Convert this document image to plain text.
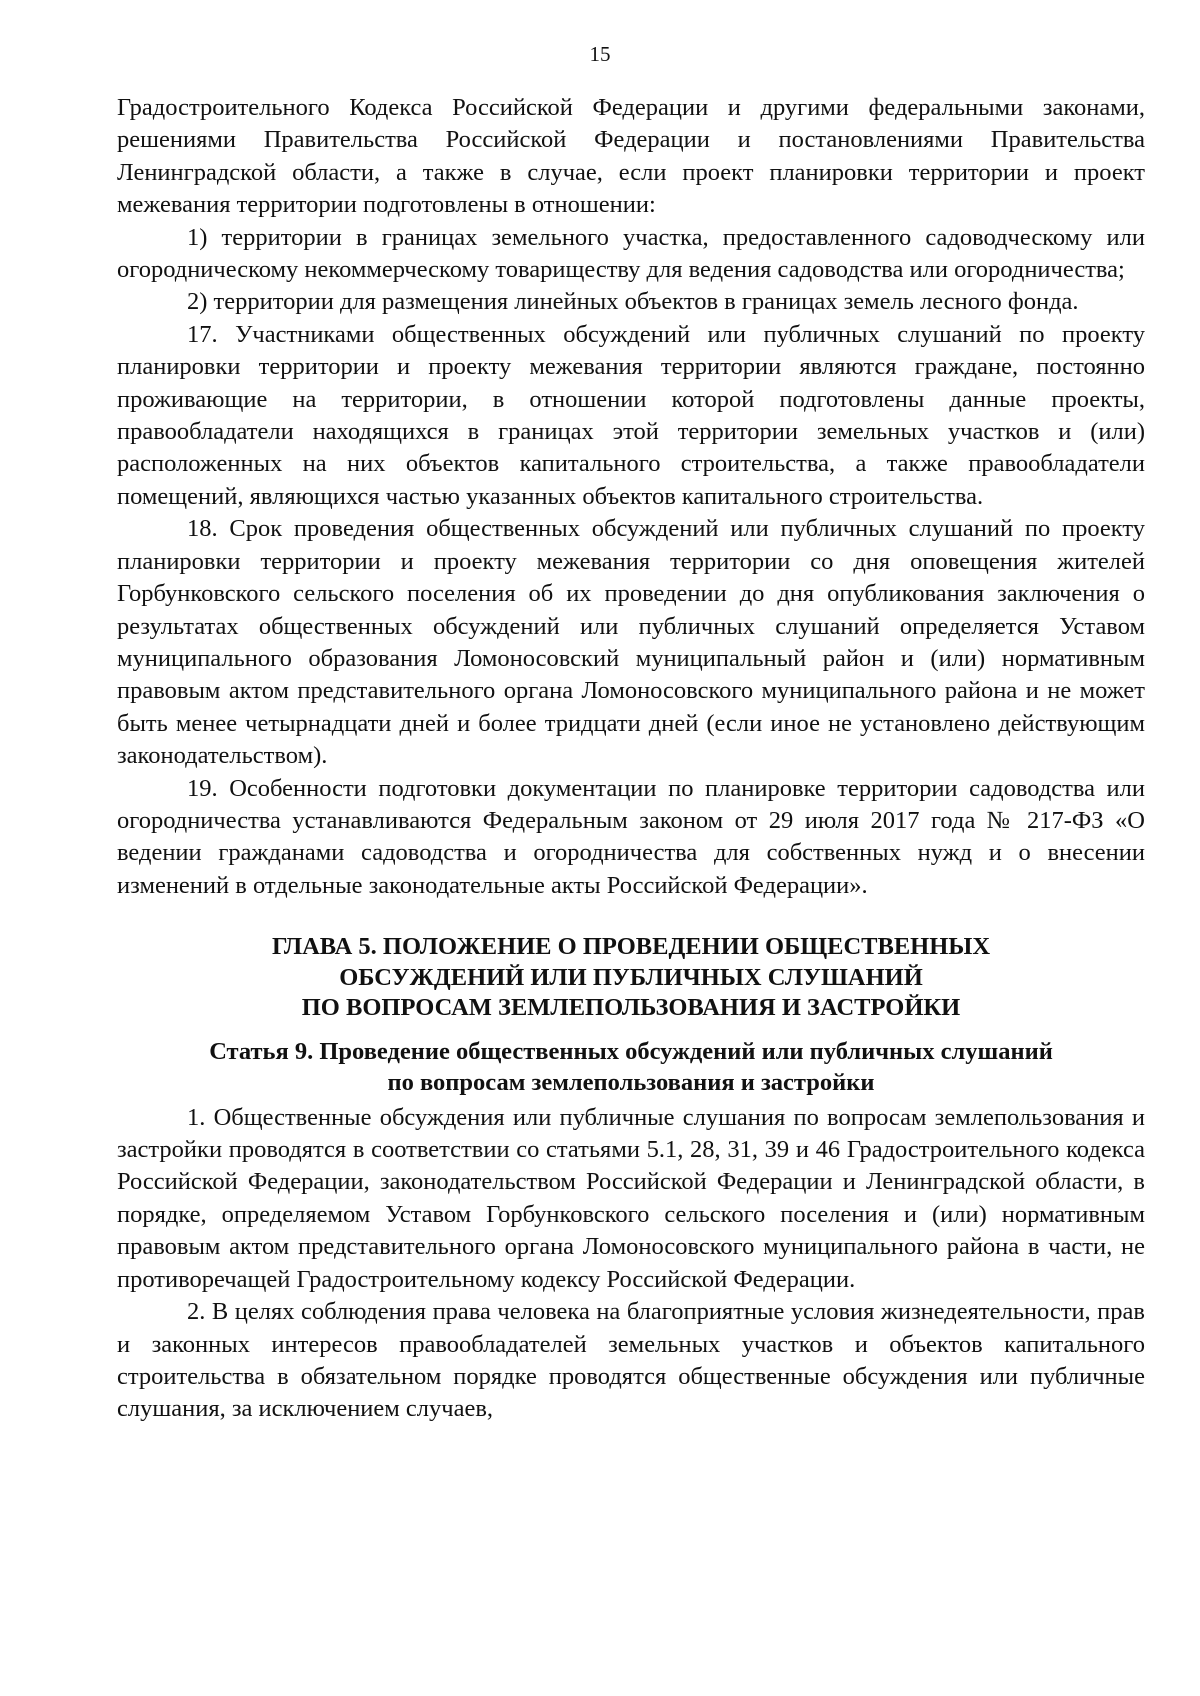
15

Градостроительного Кодекса Российской Федерации и другими федеральными законами, решениями Правительства Российской Федерации и постановлениями Правительства Ленинградской области, а также в случае, если проект планировки территории и проект межевания территории подготовлены в отношении:

1) территории в границах земельного участка, предоставленного садоводческому или огородническому некоммерческому товариществу для ведения садоводства или огородничества;

2) территории для размещения линейных объектов в границах земель лесного фонда.

17. Участниками общественных обсуждений или публичных слушаний по проекту планировки территории и проекту межевания территории являются граждане, постоянно проживающие на территории, в отношении которой подготовлены данные проекты, правообладатели находящихся в границах этой территории земельных участков и (или) расположенных на них объектов капитального строительства, а также правообладатели помещений, являющихся частью указанных объектов капитального строительства.

18. Срок проведения общественных обсуждений или публичных слушаний по проекту планировки территории и проекту межевания территории со дня оповещения жителей Горбунковского сельского поселения об их проведении до дня опубликования заключения о результатах общественных обсуждений или публичных слушаний определяется Уставом муниципального образования Ломоносовский муниципальный район и (или) нормативным правовым актом представительного органа Ломоносовского муниципального района и не может быть менее четырнадцати дней и более тридцати дней (если иное не установлено действующим законодательством).

19. Особенности подготовки документации по планировке территории садоводства или огородничества устанавливаются Федеральным законом от 29 июля 2017 года № 217-ФЗ «О ведении гражданами садоводства и огородничества для собственных нужд и о внесении изменений в отдельные законодательные акты Российской Федерации».

ГЛАВА 5. ПОЛОЖЕНИЕ О ПРОВЕДЕНИИ ОБЩЕСТВЕННЫХ
ОБСУЖДЕНИЙ ИЛИ ПУБЛИЧНЫХ СЛУШАНИЙ
ПО ВОПРОСАМ ЗЕМЛЕПОЛЬЗОВАНИЯ И ЗАСТРОЙКИ
Статья 9. Проведение общественных обсуждений или публичных слушаний
по вопросам землепользования и застройки

1. Общественные обсуждения или публичные слушания по вопросам землепользования и застройки проводятся в соответствии со статьями 5.1, 28, 31, 39 и 46 Градостроительного кодекса Российской Федерации, законодательством Российской Федерации и Ленинградской области, в порядке, определяемом Уставом Горбунковского сельского поселения и (или) нормативным правовым актом представительного органа Ломоносовского муниципального района в части, не противоречащей Градостроительному кодексу Российской Федерации.

2. В целях соблюдения права человека на благоприятные условия жизнедеятельности, прав и законных интересов правообладателей земельных участков и объектов капитального строительства в обязательном порядке проводятся общественные обсуждения или публичные слушания, за исключением случаев,
